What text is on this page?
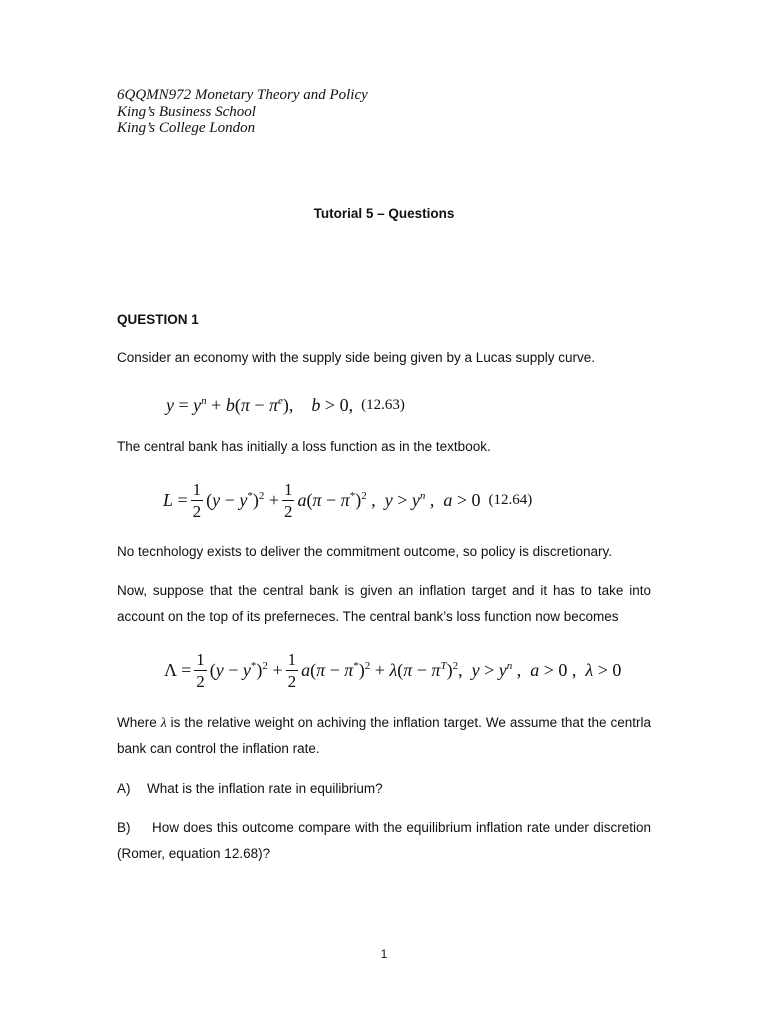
6QQMN972 Monetary Theory and Policy
King’s Business School
King’s College London
Tutorial 5 – Questions
QUESTION 1
Consider an economy with the supply side being given by a Lucas supply curve.
$y = y^n + b(\pi - \pi^e)$,    b > 0, (12.63)
The central bank has initially a loss function as in the textbook.
$L = \frac{1}{2} (y - y^*)^2 + \frac{1}{2} a(\pi - \pi^*)^2$ ,  $y > y^n$ ,  a > 0 (12.64)
No tecnhology exists to deliver the commitment outcome, so policy is discretionary.
Now, suppose that the central bank is given an inflation target and it has to take into account on the top of its preferneces. The central bank’s loss function now becomes
$\Lambda = \frac{1}{2} (y - y^*)^2 + \frac{1}{2} a(\pi - \pi^*)^2 + \lambda(\pi - \pi^T)^2$,  $y > y^n$ ,  a > 0 ,  λ > 0
Where λ is the relative weight on achiving the inflation target. We assume that the centrla bank can control the inflation rate.
A) What is the inflation rate in equilibrium?
B) How does this outcome compare with the equilibrium inflation rate under discretion (Romer, equation 12.68)?
1
